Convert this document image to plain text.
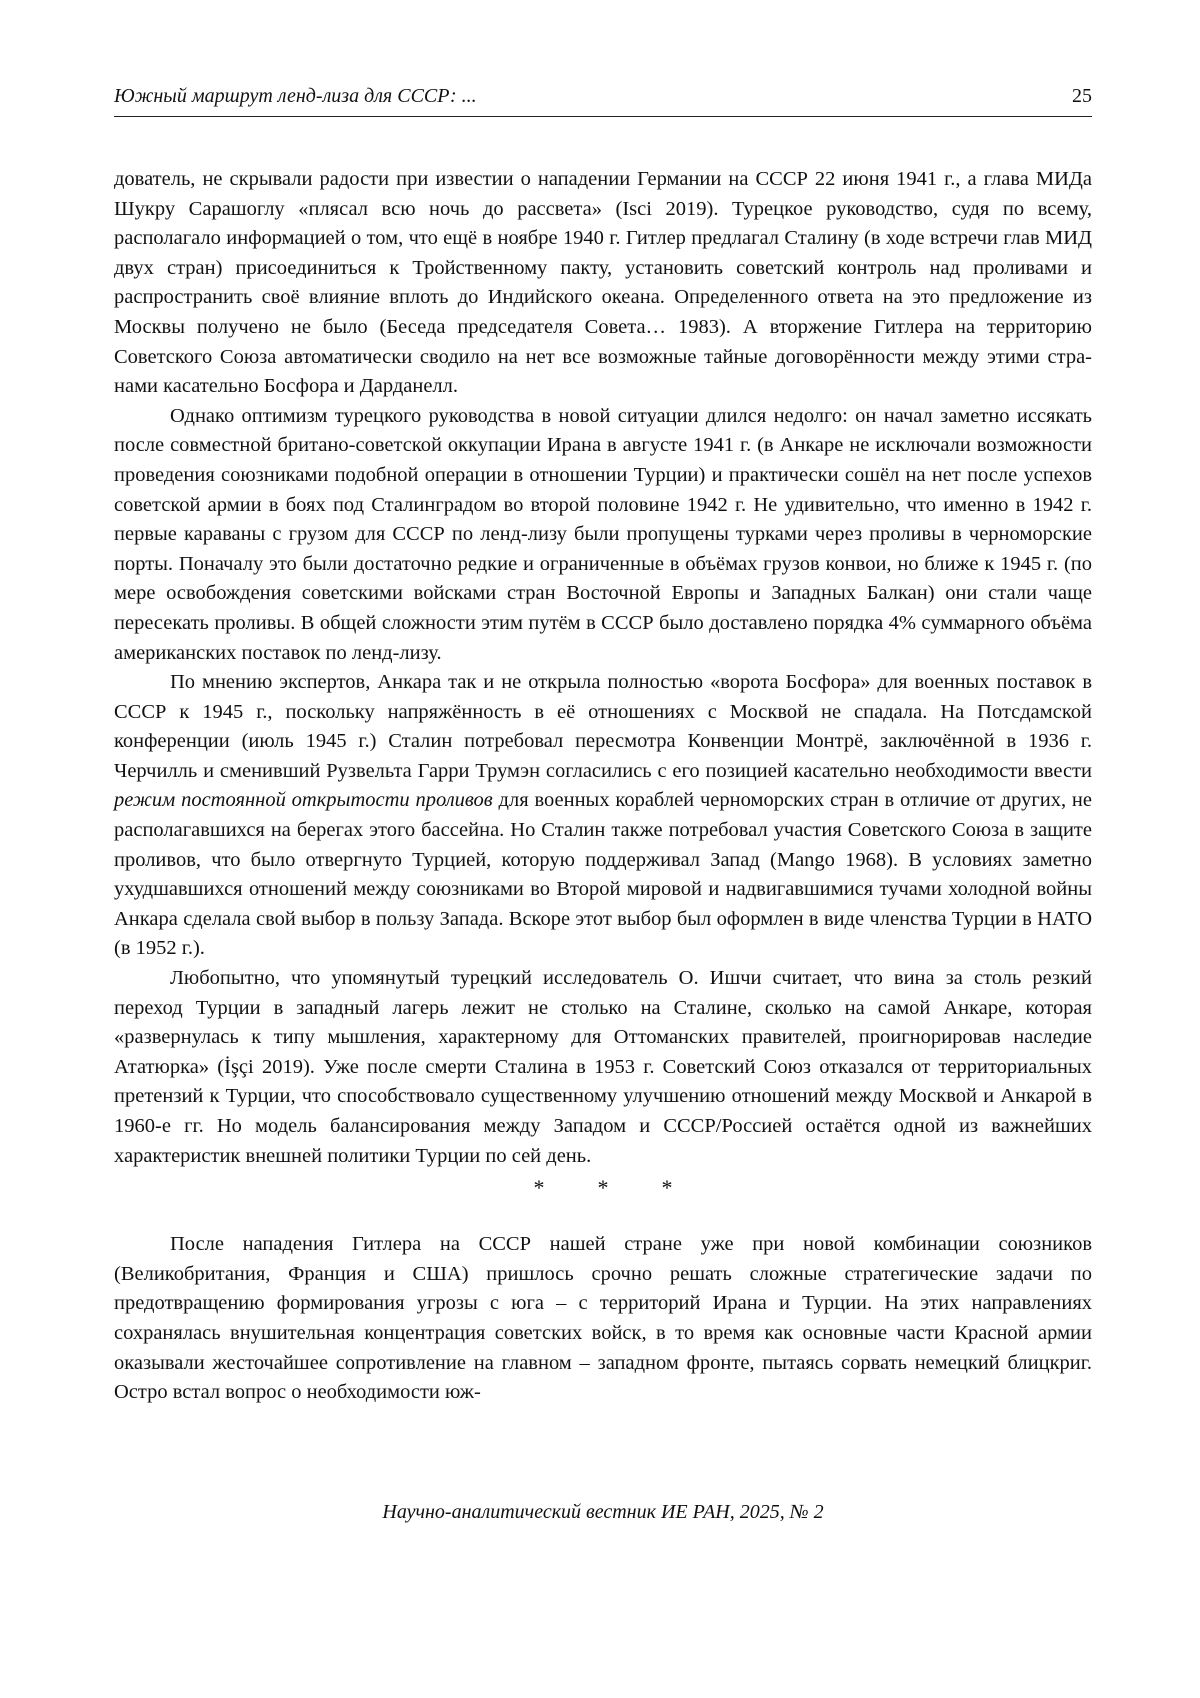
Южный маршрут ленд-лиза для СССР: ...	25

дователь, не скрывали радости при известии о нападении Германии на СССР 22 июня 1941 г., а глава МИДа Шукру Сарашоглу «плясал всю ночь до рассвета» (Isci 2019). Турецкое руководство, судя по всему, располагало информацией о том, что ещё в ноябре 1940 г. Гитлер предлагал Сталину (в ходе встречи глав МИД двух стран) присоединиться к Тройственному пакту, установить советский контроль над проливами и распространить своё влияние вплоть до Индийского океана. Определенного ответа на это предложение из Москвы получено не было (Беседа председателя Совета… 1983). А вторжение Гитлера на территорию Советского Союза автоматически сводило на нет все возможные тайные договорённости между этими странами касательно Босфора и Дарданелл.

Однако оптимизм турецкого руководства в новой ситуации длился недолго: он начал заметно иссякать после совместной британо-советской оккупации Ирана в августе 1941 г. (в Анкаре не исключали возможности проведения союзниками подобной операции в отношении Турции) и практически сошёл на нет после успехов советской армии в боях под Сталинградом во второй половине 1942 г. Не удивительно, что именно в 1942 г. первые караваны с грузом для СССР по ленд-лизу были пропущены турками через проливы в черноморские порты. Поначалу это были достаточно редкие и ограниченные в объёмах грузов конвои, но ближе к 1945 г. (по мере освобождения советскими войсками стран Восточной Европы и Западных Балкан) они стали чаще пересекать проливы. В общей сложности этим путём в СССР было доставлено порядка 4% суммарного объёма американских поставок по ленд-лизу.

По мнению экспертов, Анкара так и не открыла полностью «ворота Босфора» для военных поставок в СССР к 1945 г., поскольку напряжённость в её отношениях с Москвой не спадала. На Потсдамской конференции (июль 1945 г.) Сталин потребовал пересмотра Конвенции Монтрё, заключённой в 1936 г. Черчилль и сменивший Рузвельта Гарри Трумэн согласились с его позицией касательно необходимости ввести режим постоянной открытости проливов для военных кораблей черноморских стран в отличие от других, не располагавшихся на берегах этого бассейна. Но Сталин также потребовал участия Советского Союза в защите проливов, что было отвергнуто Турцией, которую поддерживал Запад (Mango 1968). В условиях заметно ухудшавшихся отношений между союзниками во Второй мировой и надвигавшимися тучами холодной войны Анкара сделала свой выбор в пользу Запада. Вскоре этот выбор был оформлен в виде членства Турции в НАТО (в 1952 г.).

Любопытно, что упомянутый турецкий исследователь О. Ишчи считает, что вина за столь резкий переход Турции в западный лагерь лежит не столько на Сталине, сколько на самой Анкаре, которая «развернулась к типу мышления, характерному для Оттоманских правителей, проигнорировав наследие Ататюрка» (İşçi 2019). Уже после смерти Сталина в 1953 г. Советский Союз отказался от территориальных претензий к Турции, что способствовало существенному улучшению отношений между Москвой и Анкарой в 1960-е гг. Но модель балансирования между Западом и СССР/Россией остаётся одной из важнейших характеристик внешней политики Турции по сей день.

* * *

После нападения Гитлера на СССР нашей стране уже при новой комбинации союзников (Великобритания, Франция и США) пришлось срочно решать сложные стратегические задачи по предотвращению формирования угрозы с юга – с территорий Ирана и Турции. На этих направлениях сохранялась внушительная концентрация советских войск, в то время как основные части Красной армии оказывали жесточайшее сопротивление на главном – западном фронте, пытаясь сорвать немецкий блицкриг. Остро встал вопрос о необходимости юж-

Научно-аналитический вестник ИЕ РАН, 2025, № 2
